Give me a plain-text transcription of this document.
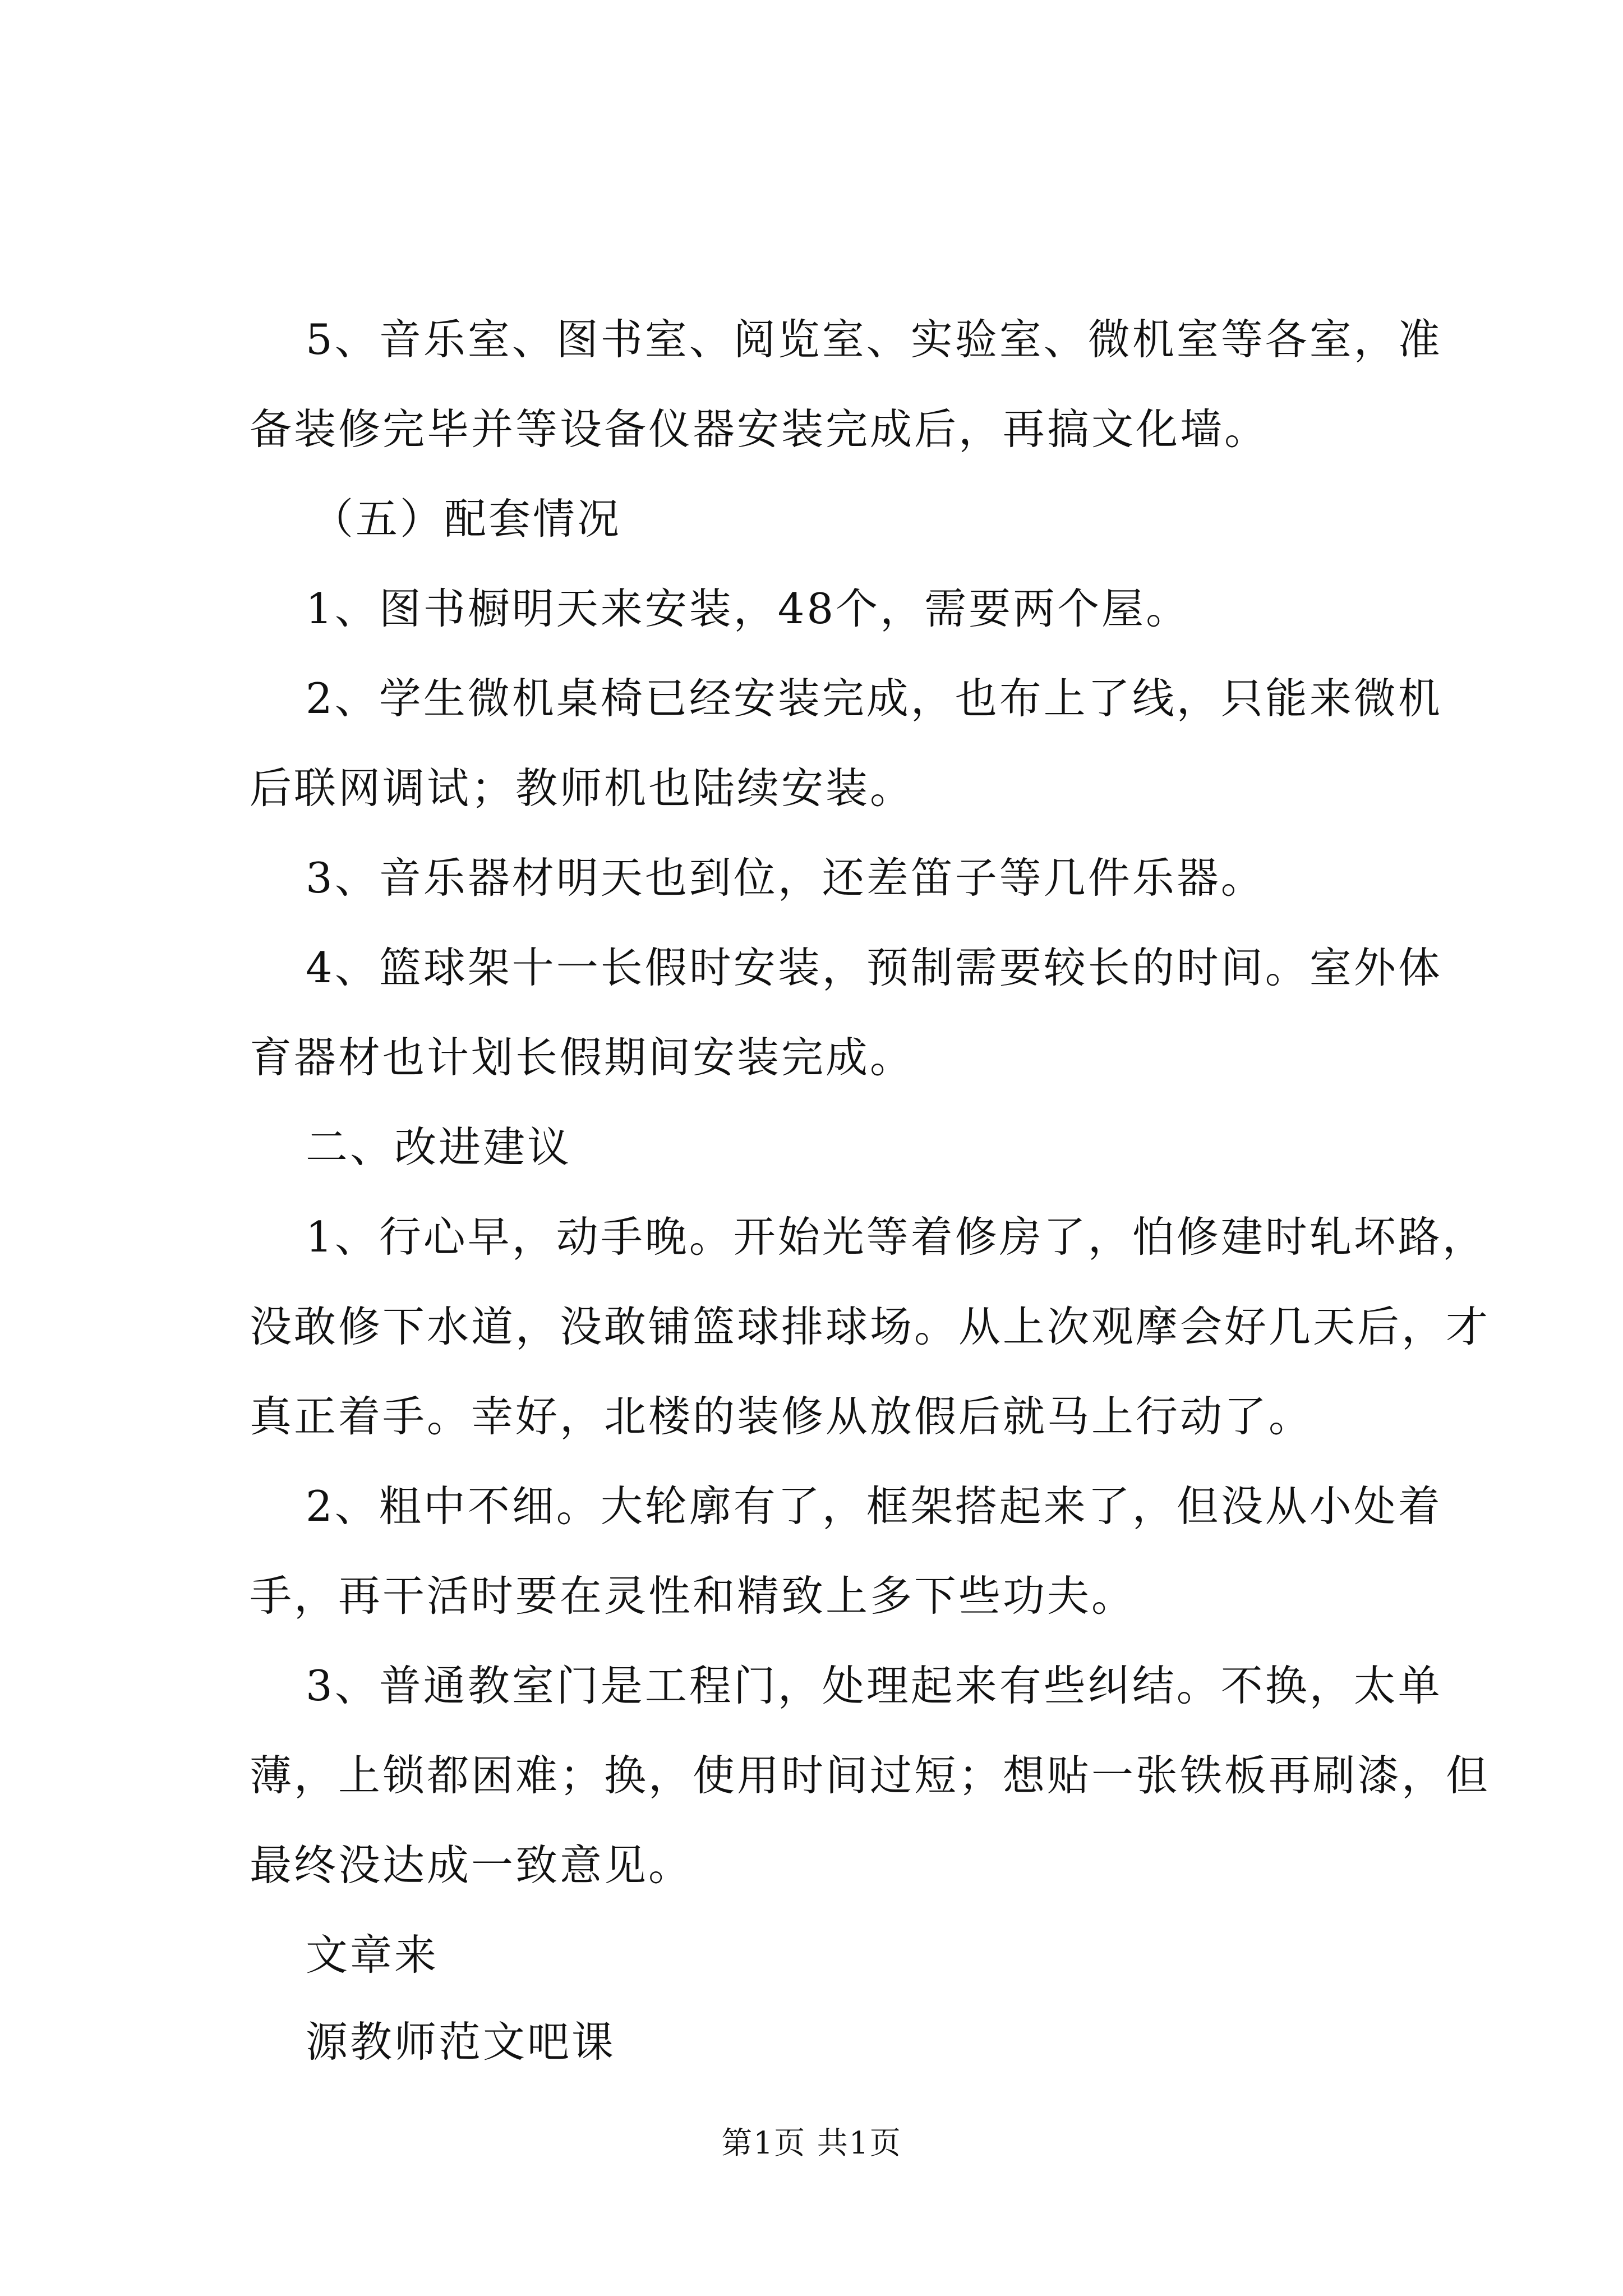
5、音乐室、图书室、阅览室、实验室、微机室等各室，准
备装修完毕并等设备仪器安装完成后，再搞文化墙。
（五）配套情况
1、图书橱明天来安装，48个，需要两个屋。
2、学生微机桌椅已经安装完成，也布上了线，只能来微机
后联网调试；教师机也陆续安装。
3、音乐器材明天也到位，还差笛子等几件乐器。
4、篮球架十一长假时安装，预制需要较长的时间。室外体
育器材也计划长假期间安装完成。
二、改进建议
1、行心早，动手晚。开始光等着修房了，怕修建时轧坏路，
没敢修下水道，没敢铺篮球排球场。从上次观摩会好几天后，才
真正着手。幸好，北楼的装修从放假后就马上行动了。
2、粗中不细。大轮廓有了，框架搭起来了，但没从小处着
手，再干活时要在灵性和精致上多下些功夫。
3、普通教室门是工程门，处理起来有些纠结。不换，太单
薄，上锁都困难；换，使用时间过短；想贴一张铁板再刷漆，但
最终没达成一致意见。
文章来
源教师范文吧课
第1页 共1页
